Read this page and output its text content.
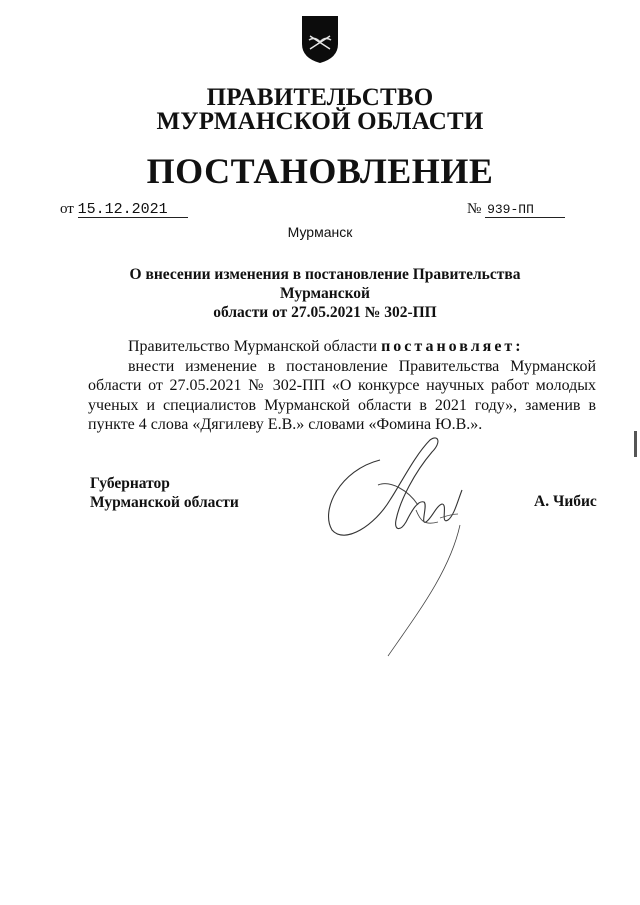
ПРАВИТЕЛЬСТВО
МУРМАНСКОЙ ОБЛАСТИ
ПОСТАНОВЛЕНИЕ
от 15.12.2021	№ 939-ПП
Мурманск
О внесении изменения в постановление Правительства Мурманской
области от 27.05.2021 № 302-ПП

Правительство Мурманской области постановляет:

внести изменение в постановление Правительства Мурманской области от 27.05.2021 № 302-ПП «О конкурсе научных работ молодых ученых и специалистов Мурманской области в 2021 году», заменив в пункте 4 слова «Дягилеву Е.В.» словами «Фомина Ю.В.».

Губернатор
Мурманской области	А. Чибис
